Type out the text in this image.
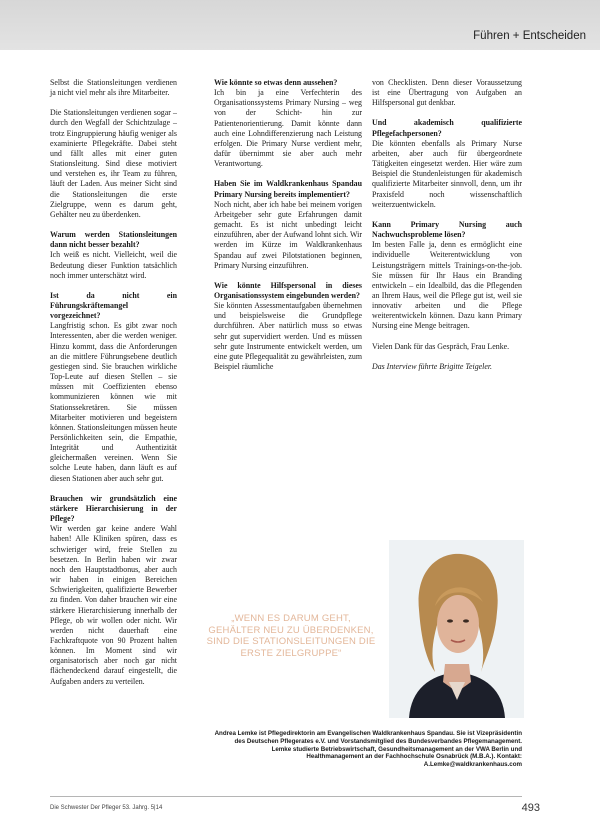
Führen + Entscheiden

Selbst die Stationsleitungen verdienen ja nicht viel mehr als ihre Mitarbeiter.

Die Stationsleitungen verdienen sogar – durch den Wegfall der Schichtzulage – trotz Eingruppierung häufig weniger als examinierte Pflegekräfte. Dabei steht und fällt alles mit einer guten Stationsleitung. Sind diese motiviert und verstehen es, ihr Team zu führen, läuft der Laden. Aus meiner Sicht sind die Stationsleitungen die erste Zielgruppe, wenn es darum geht, Gehälter neu zu überdenken.

Warum werden Stationsleitungen dann nicht besser bezahlt?

Ich weiß es nicht. Vielleicht, weil die Bedeutung dieser Funktion tatsächlich noch immer unterschätzt wird.

Ist da nicht ein Führungskräftemangel vorgezeichnet?

Langfristig schon. Es gibt zwar noch Interessenten, aber die werden weniger. Hinzu kommt, dass die Anforderungen an die mittlere Führungsebene deutlich gestiegen sind. Sie brauchen wirkliche Top-Leute auf diesen Stellen – sie müssen mit Coeffizienten ebenso kommunizieren können wie mit Stationssekretären. Sie müssen Mitarbeiter motivieren und begeistern können. Stationsleitungen müssen heute Persönlichkeiten sein, die Empathie, Integrität und Authentizität gleichermaßen vereinen. Wenn Sie solche Leute haben, dann läuft es auf diesen Stationen aber auch sehr gut.

Brauchen wir grundsätzlich eine stärkere Hierarchisierung in der Pflege?

Wir werden gar keine andere Wahl haben! Alle Kliniken spüren, dass es schwieriger wird, freie Stellen zu besetzen. In Berlin haben wir zwar noch den Hauptstadtbonus, aber auch wir haben in einigen Bereichen Schwierigkeiten, qualifizierte Bewerber zu finden. Von daher brauchen wir eine stärkere Hierarchisierung innerhalb der Pflege, ob wir wollen oder nicht. Wir werden nicht dauerhaft eine Fachkraftquote von 90 Prozent halten können. Im Moment sind wir organisatorisch aber noch gar nicht flächendeckend darauf eingestellt, die Aufgaben anders zu verteilen.

Wie könnte so etwas denn aussehen?

Ich bin ja eine Verfechterin des Organisationssystems Primary Nursing – weg von der Schicht- hin zur Patientenorientierung. Damit könnte dann auch eine Lohndifferenzierung nach Leistung erfolgen. Die Primary Nurse verdient mehr, dafür übernimmt sie aber auch mehr Verantwortung.

Haben Sie im Waldkrankenhaus Spandau Primary Nursing bereits implementiert?

Noch nicht, aber ich habe bei meinem vorigen Arbeitgeber sehr gute Erfahrungen damit gemacht. Es ist nicht unbedingt leicht einzuführen, aber der Aufwand lohnt sich. Wir werden im Kürze im Waldkrankenhaus Spandau auf zwei Pilotstationen beginnen, Primary Nursing einzuführen.

Wie könnte Hilfspersonal in dieses Organisationssystem eingebunden werden?

Sie könnten Assessmentaufgaben übernehmen und beispielsweise die Grundpflege durchführen. Aber natürlich muss so etwas sehr gut supervidiert werden. Und es müssen sehr gute Instrumente entwickelt werden, um eine gute Pflegequalität zu gewährleisten, zum Beispiel räumliche

von Checklisten. Denn dieser Voraussetzung ist eine Übertragung von Aufgaben an Hilfspersonal gut denkbar.

Und akademisch qualifizierte Pflegefachpersonen?

Die könnten ebenfalls als Primary Nurse arbeiten, aber auch für übergeordnete Tätigkeiten eingesetzt werden. Hier wäre zum Beispiel die Stundenleistungen für akademisch qualifizierte Mitarbeiter sinnvoll, denn, um ihr Praxisfeld noch wissenschaftlich weiterzuentwickeln.

Kann Primary Nursing auch Nachwuchsprobleme lösen?

Im besten Falle ja, denn es ermöglicht eine individuelle Weiterentwicklung von Leistungsträgern mittels Trainings-on-the-job. Sie müssen für Ihr Haus ein Branding entwickeln – ein Idealbild, das die Pflegenden an Ihrem Haus, weil die Pflege gut ist, weil sie innovativ arbeiten und die Pflege weiterentwickeln können. Dazu kann Primary Nursing eine Menge beitragen.

Vielen Dank für das Gespräch, Frau Lenke.

Das Interview führte Brigitte Teigeler.

„WENN ES DARUM GEHT, GEHÄLTER NEU ZU ÜBERDENKEN, SIND DIE STATIONSLEITUNGEN DIE ERSTE ZIELGRUPPE“
Andrea Lemke ist Pflegedirektorin am Evangelischen Waldkrankenhaus Spandau. Sie ist Vizepräsidentin des Deutschen Pflegerates e.V. und Vorstandsmitglied des Bundesverbandes Pflegemanagement. Lemke studierte Betriebswirtschaft, Gesundheitsmanagement an der VWA Berlin und Healthmanagement an der Fachhochschule Osnabrück (M.B.A.). Kontakt: A.Lemke@waldkrankenhaus.com
Die Schwester Der Pfleger 53. Jahrg. 5|14	493
